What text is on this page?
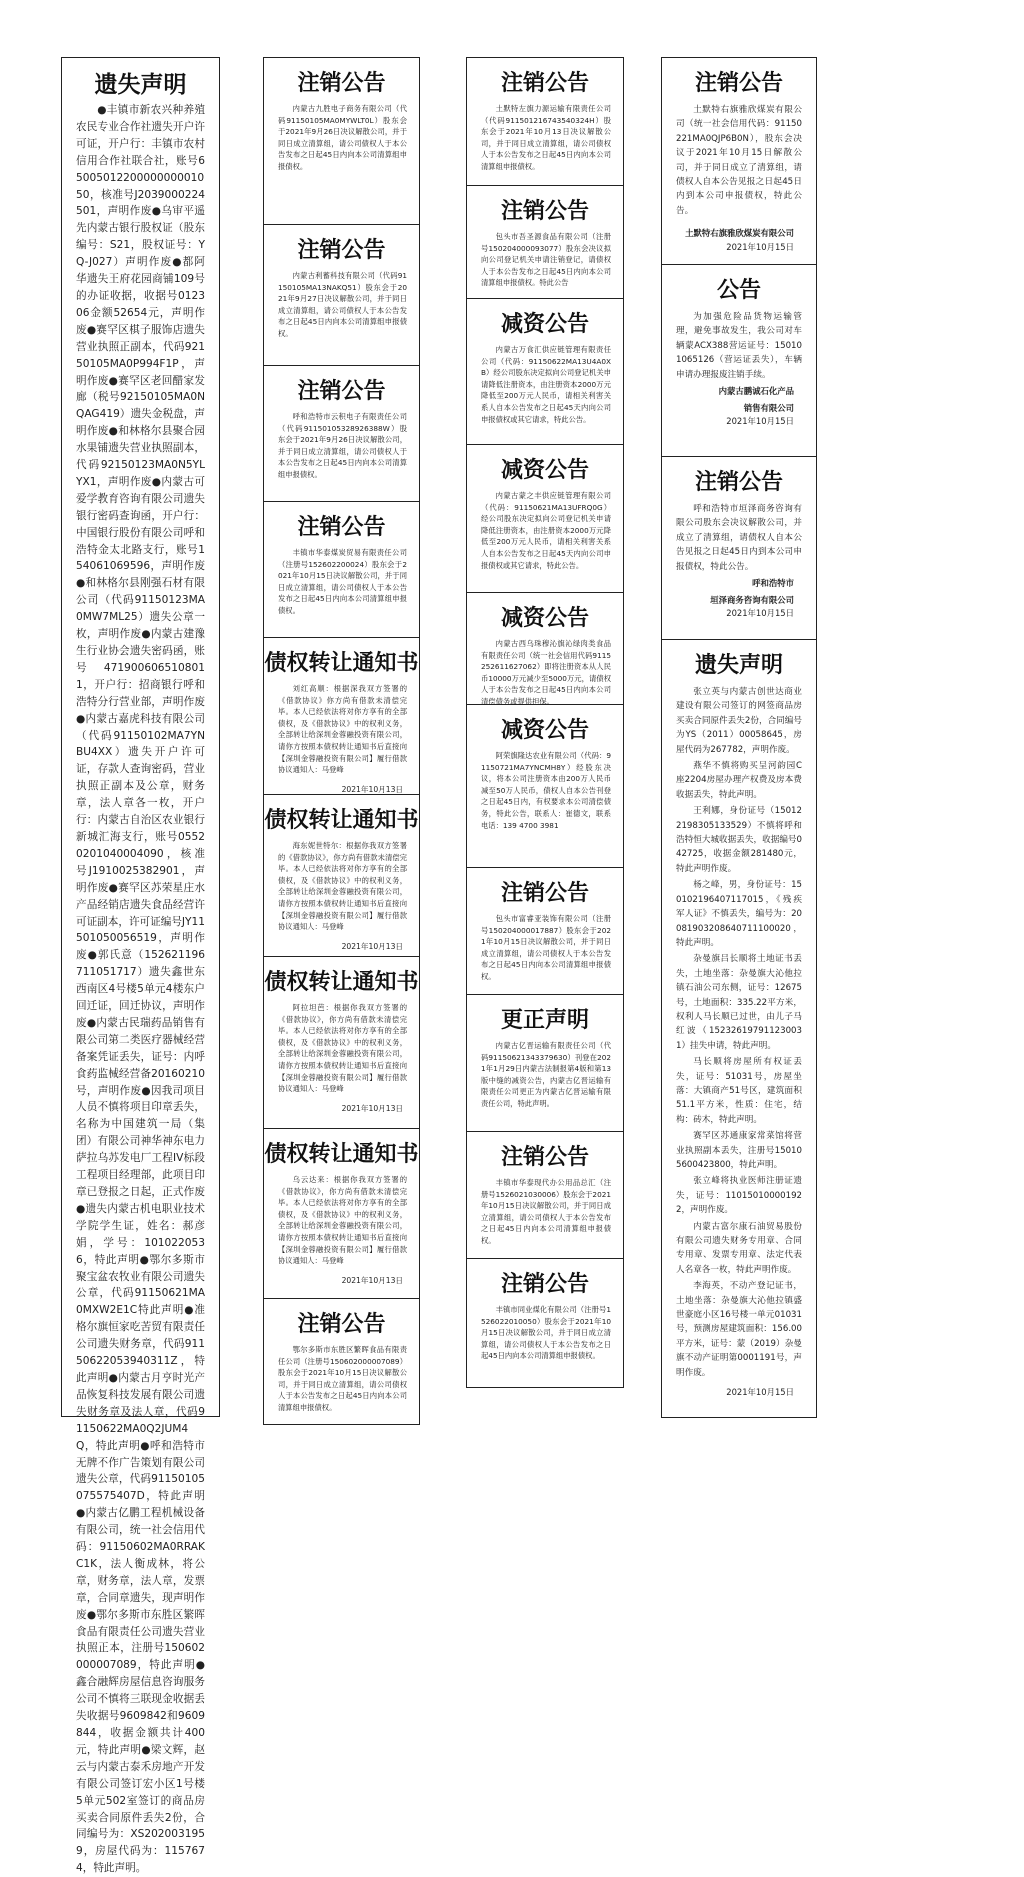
遗失声明
●丰镇市新农兴种养殖农民专业合作社遗失开户许可证，开户行：丰镇市农村信用合作社联合社，账号6500501220000000001050，核准号J2039000224501，声明作废●乌审平遥先内蒙古银行股权证（股东编号：S21，股权证号：YQ-J027）声明作废●都阿华遗失王府花园商铺109号的办证收据，收据号012306金额52654元，声明作废●赛罕区棋子服饰店遗失营业执照正副本，代码92150105MA0P994F1P，声明作废●赛罕区老回醋家发廊（税号92150105MA0NQAG419）遗失金税盘，声明作废●和林格尔县聚合园水果铺遗失营业执照副本，代码92150123MA0N5YLYX1，声明作废●内蒙古可爱学教育咨询有限公司遗失银行密码查询函，开户行：中国银行股份有限公司呼和浩特金太北路支行，账号154061069596，声明作废●和林格尔县刚强石材有限公司（代码91150123MA0MW7ML25）遗失公章一枚，声明作废●内蒙古建豫生行业协会遗失密码函，账号4719006065108011，开户行：招商银行呼和浩特分行营业部，声明作废●内蒙古嘉虎科技有限公司（代码91150102MA7YNBU4XX）遗失开户许可证，存款人查询密码，营业执照正副本及公章，财务章，法人章各一枚，开户行：内蒙古自治区农业银行新城汇海支行，账号05520201040004090，核准号J1910025382901，声明作废●赛罕区苏荣星庄水产品经销店遗失食品经营许可证副本，许可证编号JY11501050056519，声明作废●郭氏意（152621196711051717）遗失鑫世东西南区4号楼5单元4楼东户回迁证，回迁协议，声明作废●内蒙古民瑞药品销售有限公司第二类医疗器械经营备案凭证丢失，证号：内呼食药监械经营备20160210号，声明作废●因我司项目人员不慎将项目印章丢失，名称为中国建筑一局（集团）有限公司神华神东电力萨拉乌苏发电厂工程IV标段工程项目经理部，此项目印章已登报之日起，正式作废●遗失内蒙古机电职业技术学院学生证，姓名：郝彦娟，学号：1010220536，特此声明●鄂尔多斯市聚宝盆农牧业有限公司遗失公章，代码91150621MA0MXW2E1C特此声明●准格尔旗恒家吃苦贸有限责任公司遗失财务章，代码91150622053940311Z，特此声明●内蒙古月亨时光产品恢复科技发展有限公司遗失财务章及法人章，代码91150622MA0Q2JUM4Q，特此声明●呼和浩特市无牌不作广告策划有限公司遗失公章，代码91150105075575407D，特此声明●内蒙古亿鹏工程机械设备有限公司，统一社会信用代码：91150602MA0RRAKC1K，法人衡成林，将公章，财务章，法人章，发票章，合同章遗失，现声明作废●鄂尔多斯市东胜区繁晖食品有限责任公司遗失营业执照正本，注册号150602000007089，特此声明●鑫合融辉房屋信息咨询服务公司不慎将三联现金收据丢失收据号9609842和9609844，收据金额共计400元，特此声明●梁文辉，赵云与内蒙古泰禾房地产开发有限公司签订宏小区1号楼5单元502室签订的商品房买卖合同原件丢失2份，合同编号为：XS2020031959，房屋代码为：1157674，特此声明。
注销公告
内蒙古九胜电子商务有限公司（代码91150105MA0MYWLT0L）股东会于2021年9月26日决议解散公司，并于同日成立清算组，请公司债权人于本公告发布之日起45日内向本公司清算组申报债权。
注销公告
内蒙古利蓄科技有限公司（代码91150105MA13NAKQ51）股东会于2021年9月27日决议解散公司，并于同日成立清算组，请公司债权人于本公告发布之日起45日内向本公司清算组申报债权。
注销公告
呼和浩特市云积电子有限责任公司（代码91150105328926388W）股东会于2021年9月26日决议解散公司，并于同日成立清算组，请公司债权人于本公告发布之日起45日内向本公司清算组申报债权。
注销公告
丰镇市华泰煤炭贸易有限责任公司（注册号152602200024）股东会于2021年10月15日决议解散公司，并于同日成立清算组，请公司债权人于本公告发布之日起45日内向本公司清算组申报债权。
债权转让通知书
刘红高顺：根据深我双方签署的《借款协议》你方尚有借款未清偿完毕。本人已经依法将对你方享有的全部债权，及《借款协议》中的权利义务，全部转让给深圳金蓉融投资有限公司，请你方按照本债权转让通知书后直接向【深圳金蓉融投资有限公司】履行借款协议通知人：马登峰
2021年10月13日
债权转让通知书
海东妮世特尔：根据你我双方签署的《借款协议》，你方尚有借款未清偿完毕。本人已经依法将对你方享有的全部债权，及《借款协议》中的权利义务，全部转让给深圳金蓉融投资有限公司，请你方按照本债权转让通知书后直接向【深圳金蓉融投资有限公司】履行借款协议通知人：马登峰
2021年10月13日
债权转让通知书
阿拉坦芭：根据你我双方签署的《借款协议》，你方尚有借款未清偿完毕。本人已经依法将对你方享有的全部债权，及《借款协议》中的权利义务，全部转让给深圳金蓉融投资有限公司，请你方按照本债权转让通知书后直接向【深圳金蓉融投资有限公司】履行借款协议通知人：马登峰
2021年10月13日
债权转让通知书
乌云达来：根据你我双方签署的《借款协议》，你方尚有借款未清偿完毕。本人已经依法将对你方享有的全部债权，及《借款协议》中的权利义务，全部转让给深圳金蓉融投资有限公司，请你方按照本债权转让通知书后直接向【深圳金蓉融投资有限公司】履行借款协议通知人：马登峰
2021年10月13日
注销公告
鄂尔多斯市东胜区繁晖食品有限责任公司（注册号150602000007089）股东会于2021年10月15日决议解散公司，并于同日成立清算组，请公司债权人于本公告发布之日起45日内向本公司清算组申报债权。
注销公告
土默特左旗力源运输有限责任公司（代码911501216743540324H）股东会于2021年10月13日决议解散公司，并于同日成立清算组，请公司债权人于本公告发布之日起45日内向本公司清算组申报债权。
注销公告
包头市吾圣源食品有限公司（注册号150204000093077）股东会决议拟向公司登记机关申请注销登记，请债权人于本公告发布之日起45日内向本公司清算组申报债权。特此公告
减资公告
内蒙古万食汇供应链管理有限责任公司（代码：91150622MA13U4A0XB）经公司股东决定拟向公司登记机关申请降低注册资本，由注册资本2000万元降低至200万元人民币，请相关利害关系人自本公告发布之日起45天内向公司申报债权或其它请求，特此公告。
减资公告
内蒙古蒙之丰供应链管理有限公司（代码：91150621MA13UFRQ0G）经公司股东决定拟向公司登记机关申请降低注册资本，由注册资本2000万元降低至200万元人民币，请相关利害关系人自本公告发布之日起45天内向公司申报债权或其它请求，特此公告。
减资公告
内蒙古西乌珠穆沁旗沁绿肉类食品有限责任公司（统一社会信用代码9115252611627062）即将注册资本从人民币10000万元减少至5000万元，请债权人于本公告发布之日起45日内向本公司清偿债务或提供担保。
减资公告
阿荣旗隆达农业有限公司（代码：91150721MA7YNCMH8Y）经股东决议，将本公司注册资本由200万人民币减至50万人民币，债权人自本公告刊登之日起45日内，有权要求本公司清偿债务，特此公告，联系人：崔德文，联系电话：139 4700 3981
注销公告
包头市富睿亚装饰有限公司（注册号150204000017887）股东会于2021年10月15日决议解散公司，并于同日成立清算组，请公司债权人于本公告发布之日起45日内向本公司清算组申报债权。
更正声明
内蒙古亿晋运输有限责任公司（代码91150621343379630）刊登在2021年1月29日内蒙古法制报第4版和第13版中缝的减资公告，内蒙古亿晋运输有限责任公司更正为内蒙古亿晋运输有限责任公司，特此声明。
注销公告
丰镇市华泰现代办公用品总汇（注册号1526021030006）股东会于2021年10月15日决议解散公司，并于同日成立清算组，请公司债权人于本公告发布之日起45日内向本公司清算组申报债权。
注销公告
丰镇市同业煤化有限公司（注册号1526022010050）股东会于2021年10月15日决议解散公司，并于同日成立清算组，请公司债权人于本公告发布之日起45日内向本公司清算组申报债权。
注销公告
土默特右旗雅欣煤炭有限公司（统一社会信用代码：91150221MA0QJP6B0N），股东会决议于2021年10月15日解散公司，并于同日成立了清算组，请债权人自本公告见报之日起45日内到本公司申报债权，特此公告。
土默特右旗雅欣煤炭有限公司
2021年10月15日
公告
为加强危险品货物运输管理，避免事故发生，我公司对车辆蒙ACX388营运证号：150101065126（营运证丢失），车辆申请办理报废注销手续。
内蒙古鹏诚石化产品
销售有限公司
2021年10月15日
注销公告
呼和浩特市垣泽商务咨询有限公司股东会决议解散公司，并成立了清算组，请债权人自本公告见报之日起45日内到本公司申报债权，特此公告。
呼和浩特市
垣泽商务咨询有限公司
2021年10月15日
遗失声明

张立英与内蒙古创世达商业建设有限公司签订的网签商品房买卖合同原件丢失2份，合同编号为YS（2011）00058645，房屋代码为267782，声明作废。

燕华不慎将购买呈河韵园C座2204房屋办理产权费及房本费收据丢失，特此声明。

王利娜，身份证号（150122198305133529）不慎将呼和浩特恒大城收据丢失，收据编号042725，收据金额281480元，特此声明作废。

杨之峰，男，身份证号：150102196407117015，《残疾军人证》不慎丢失，编号为：20081903208640711100020，特此声明。

杂曼旗吕长顺将土地证书丢失，土地坐落：杂曼旗大沁他拉镇石油公司东侧，证号：12675号，土地面积：335.22平方米，权利人马长顺已过世，由儿子马红波（152326197911230031）挂失申请，特此声明。

马长顺将房屋所有权证丢失，证号：51031号，房屋坐落：大镇商产51号区，建筑面积51.1平方米，性质：住宅，结构：砖木，特此声明。

赛罕区苏通康家常菜馆将营业执照副本丢失，注册号150105600423800，特此声明。

张立峰将执业医师注册证遗失，证号：110150100001922，声明作废。

内蒙古富尔康石油贸易股份有限公司遗失财务专用章、合同专用章、发票专用章、法定代表人名章各一枚，特此声明作废。

李海英，不动产登记证书，土地坐落：杂曼旗大沁他拉镇盛世豪庭小区16号楼一单元01031号，预测房屋建筑面积：156.00平方米，证号：蒙（2019）杂曼旗不动产证明第0001191号，声明作废。

2021年10月15日
